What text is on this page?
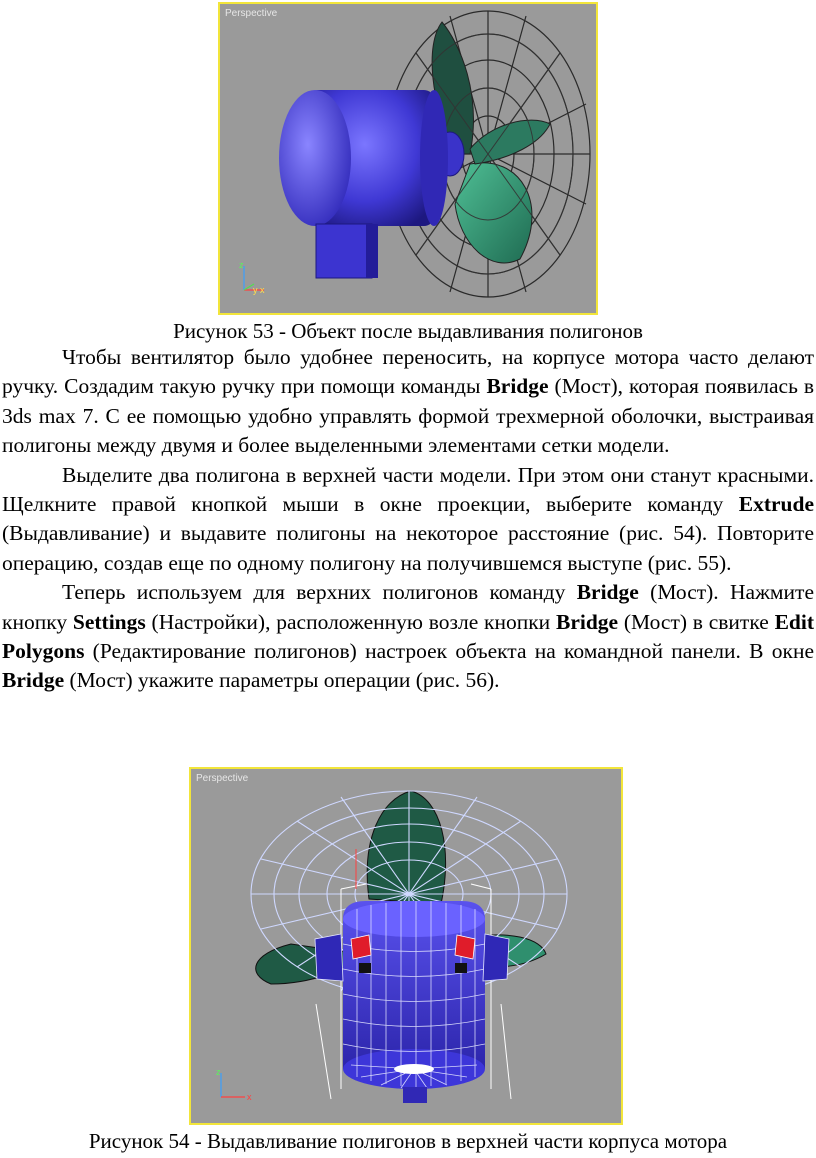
Perspective
z
y x
Рисунок 53 - Объект после выдавливания полигонов

Чтобы вентилятор было удобнее переносить, на корпусе мотора часто делают ручку. Создадим такую ручку при помощи команды Bridge (Мост), которая появилась в 3ds max 7. С ее помощью удобно управлять формой трехмерной оболочки, выстраивая полигоны между двумя и более выделенными элементами сетки модели.

Выделите два полигона в верхней части модели. При этом они станут красными. Щелкните правой кнопкой мыши в окне проекции, выберите команду Extrude (Выдавливание) и выдавите полигоны на некоторое расстояние (рис. 54). Повторите операцию, создав еще по одному полигону на получившемся выступе (рис. 55).

Теперь используем для верхних полигонов команду Bridge (Мост). Нажмите кнопку Settings (Настройки), расположенную возле кнопки Bridge (Мост) в свитке Edit Polygons (Редактирование полигонов) настроек объекта на командной панели. В окне Bridge (Мост) укажите параметры операции (рис. 56).

Perspective
z
x
Рисунок 54 - Выдавливание полигонов в верхней части корпуса мотора
